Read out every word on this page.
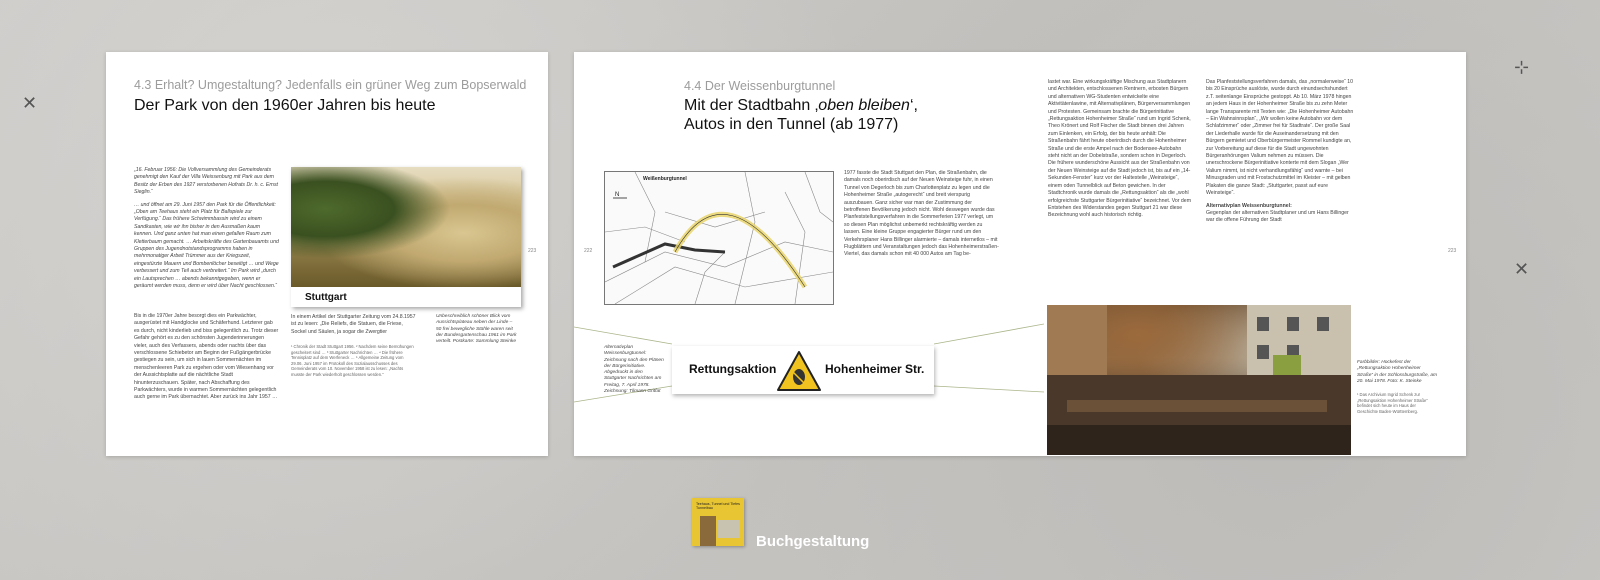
✕
⊹
✕
4.3 Erhalt? Umgestaltung? Jedenfalls ein grüner Weg zum Bopserwald
Der Park von den 1960er Jahren bis heute

„16. Februar 1956: Die Vollversammlung des Gemeinderats genehmigt den Kauf der Villa Weissenburg mit Park aus dem Besitz der Erben des 1927 verstorbenen Hofrats Dr. h. c. Ernst Sieglin.“

… und öffnet am 29. Juni 1957 den Park für die Öffentlichkeit: „Oben am Teehaus steht ein Platz für Ballspiele zur Verfügung.“ Das frühere Schwimmbassin wird zu einem Sandkasten, wie wir ihn bisher in den Ausmaßen kaum kennen. Und ganz unten hat man einen gefallen Raum zum Kletterbaum gemacht. … Arbeitskräfte des Gartenbauamts und Gruppen des Jugendnotstandsprogramms haben in mehrmonatiger Arbeit Trümmer aus der Kriegszeit, eingestürzte Mauern und Bombenlöcher beseitigt … und Wege verbessert und zum Teil auch verbreitert.“ Im Park wird „durch ein Lautsprechen … abends bekanntgegeben, wenn er geräumt werden muss, denn er wird über Nacht geschlossen.“

Bis in die 1970er Jahre besorgt dies ein Parkwächter, ausgerüstet mit Handglocke und Schäferhund. Letzterer gab es durch, nicht kinderlieb und biss gelegentlich zu. Trotz dieser Gefahr gehört es zu den schönsten Jugenderinnerungen vieler, auch des Verfassers, abends oder nachts über das verschlossene Schiebetor am Beginn der Fußgängerbrücke gestiegen zu sein, um sich in lauen Sommernächten im menschenleeren Park zu ergehen oder vom Wiesenhang vor der Aussichtsplatte auf die nächtliche Stadt hinunterzuschauen. Später, nach Abschaffung des Parkwächters, wurde in warmen Sommernächten gelegentlich auch gerne im Park übernachtet. Aber zurück ins Jahr 1957 …

Stuttgart
223

In einem Artikel der Stuttgarter Zeitung vom 24.8.1957 ist zu lesen: „Die Reliefs, die Statuen, die Friese, Sockel und Säulen, ja sogar die Zwergtier

¹ Chronik der Stadt Stuttgart 1956. ² Nachdem seine Bemühungen gescheitert sind … ³ Stuttgarter Nachrichten … ⁴ Die frühere Tennisplatz auf dem Werfeneck … ⁵ Allgemeine Zeitung vom 29.06. Juni 1957 im Protokoll des Sozialausschusses des Gemeinderats vom 10. November 1958 ist zu lesen: „Nachts musste der Park wiederholt geschlossen werden.“
Unbeschreiblich schöner Blick vom Aussichtsplateau neben der Linde – 50 frei bewegliche Stühle waren seit der Bundesgartenschau 1961 im Park verteilt. Postkarte: Sammlung Steinke
4.4 Der Weissenburgtunnel
Mit der Stadtbahn ‚oben bleiben‘,
Autos in den Tunnel (ab 1977)
222	223
N
Weißenburgtunnel

1977 fasste die Stadt Stuttgart den Plan, die Straßenbahn, die damals noch oberirdisch auf der Neuen Weinsteige fuhr, in einen Tunnel von Degerloch bis zum Charlottenplatz zu legen und die Hohenheimer Straße „autogerecht“ und breit vierspurig auszubauen. Ganz sicher war man der Zustimmung der betroffenen Bevölkerung jedoch nicht. Wohl deswegen wurde das Planfeststellungsverfahren in die Sommerferien 1977 verlegt, um so diesen Plan möglichst unbemerkt rechtskräftig werden zu lassen. Eine kleine Gruppe engagierter Bürger rund um den Verkehrsplaner Hans Billinger alarmierte – damals internetlos – mit Flugblättern und Veranstaltungen jedoch das Hohenheimerstraßen-Viertel, das damals schon mit 40 000 Autos am Tag be-

lastet war. Eine wirkungskräftige Mischung aus Stadtplanern und Architekten, entschlossenen Rentnern, erbosten Bürgern und alternativen WG-Studenten entwickelte eine Aktivitätenlawine, mit Alternativplänen, Bürgerversammlungen und Protesten. Gemeinsam brachte die Bürgerinitiative „Rettungsaktion Hohenheimer Straße“ rund um Ingrid Schenk, Theo Krönert und Rolf Fischer die Stadt binnen drei Jahren zum Einlenken, ein Erfolg, der bis heute anhält: Die Straßenbahn fährt heute oberirdisch durch die Hohenheimer Straße und die erste Ampel nach der Bodensee-Autobahn steht nicht an der Dobelstraße, sondern schon in Degerloch. Die frühere wunderschöne Aussicht aus der Straßenbahn von der Neuen Weinsteige auf die Stadt jedoch ist, bis auf ein „14-Sekunden-Fenster“ kurz vor der Haltestelle „Weinsteige“, einem oden Tunnelblick auf Beton gewichen. In der Stadtchronik wurde damals die „Rettungsaktion“ als die „wohl erfolgreichste Stuttgarter Bürgerinitiative“ bezeichnet. Vor dem Entstehen des Widerstandes gegen Stuttgart 21 war diese Bezeichnung wohl auch historisch richtig.

Das Planfeststellungsverfahren damals, das „normalerweise“ 10 bis 20 Einsprüche auslöste, wurde durch einundsechshundert z.T. seitenlange Einsprüche gestoppt. Ab 10. März 1978 hingen an jedem Haus in der Hohenheimer Straße bis zu zehn Meter lange Transparente mit Texten wie: „Die Hohenheimer Autobahn – Ein Wahnsinnsplan“, „Wir wollen keine Autobahn vor dem Schlafzimmer“ oder „Zimmer frei für Stadtrate“. Der große Saal der Liederhalle wurde für die Auseinandersetzung mit den Bürgern gemietet und Oberbürgermeister Rommel kundigte an, zur Vorbereitung auf diese für die Stadt ungewohnten Bürgeranhörungen Valium nehmen zu müssen. Die unerschrockene Bürgerinitiative konterte mit dem Slogan „Wer Valium nimmt, ist nicht verhandlungsfähig“ und warnte – bei Minusgraden und mit Frostschutzmittel im Kleister – mit gelben Plakaten die ganze Stadt: „Stuttgarter, passt auf eure Weinsteige“.

Alternativplan Weissenburgtunnel:
Gegenplan der alternativen Stadtplaner und um Hans Billinger war die offene Führung der Stadt

Alternativplan Weissenburgtunnel: Zeichnung nach den Plänen der Bürgerinitiative. Abgedruckt in den Stuttgarter Nachrichten am Freitag, 7. April 1978. Zeichnung: Tilmann Gritfat
Rettungsaktion	Hohenheimer Str.	Farbbilder: Hockefest der „Rettungsaktion Hohenheimer Straße“ in der Schlossburgstraße, am 20. Mai 1978. Foto: K. Steinke
¹ Das Archivium Ingrid Schenk zur „Rettungsaktion Hohenheimer Straße“ befindet sich heute im Haus der Geschichte Baden-Württemberg.
Teehaus, Tunnel und Tiefes Tunnelbau
Buchgestaltung
